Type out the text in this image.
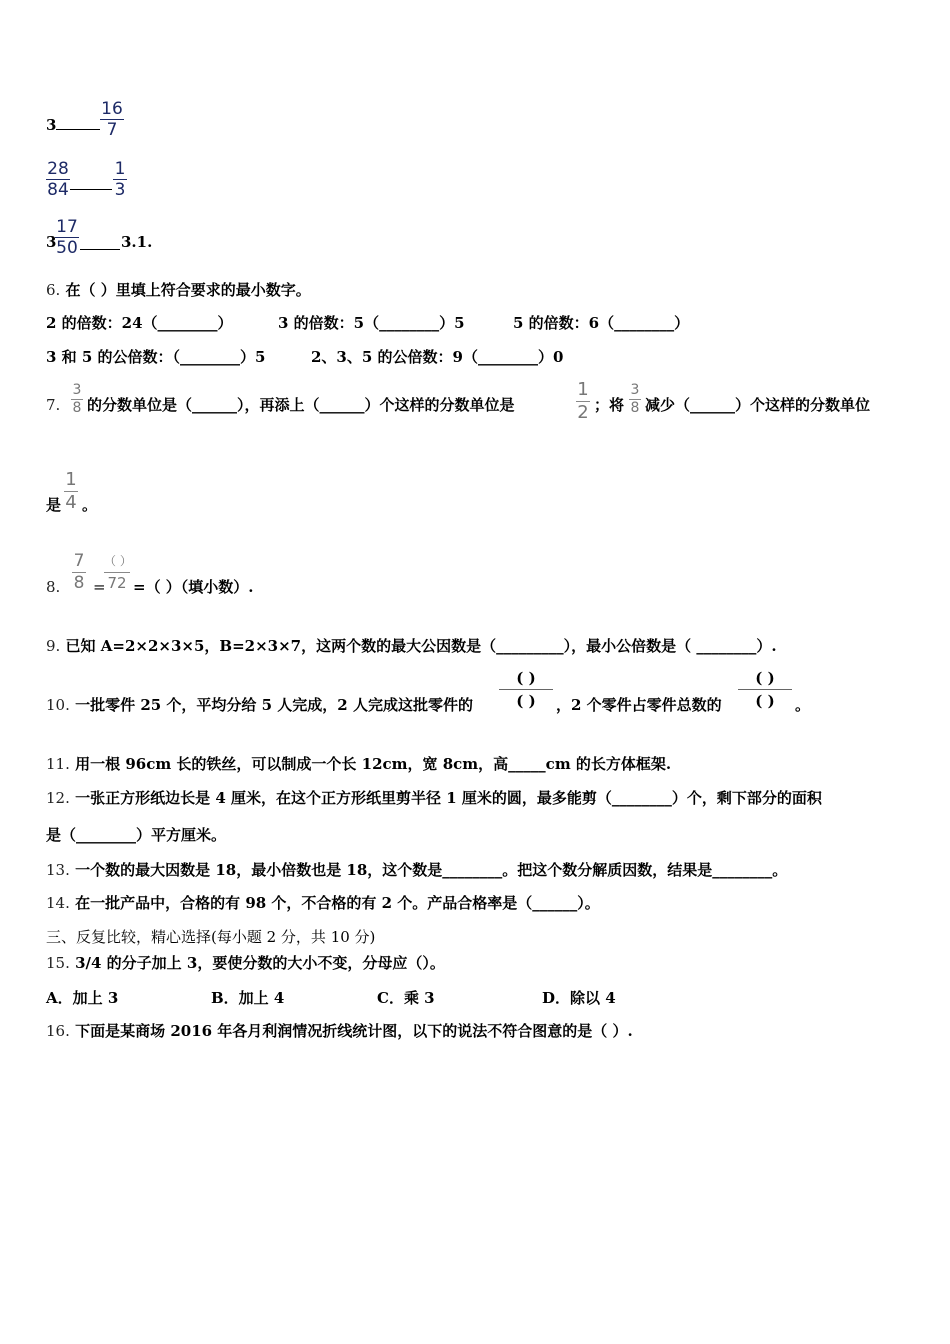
3
16
7
28
84
1
3
3
17
50	3.1.
6. 在（ ）里填上符合要求的最小数字。
2 的倍数：24（________）	3 的倍数：5（________）5	5 的倍数：6（________）
3 和 5 的公倍数：（________）5	2、3、5 的公倍数：9（________）0
7.
3
8 的分数单位是（______），再添上（______）个这样的分数单位是
1
2 ；将
3
8 减少（______）个这样的分数单位
是
1
4 。
8.
7
8 =
（ ）
72 =（ ）（填小数）.
9. 已知 A=2×2×3×5，B=2×3×7，这两个数的最大公因数是（_________），最小公倍数是（ ________）.
10. 一批零件 25 个，平均分给 5 人完成，2 人完成这批零件的
( )
( )	，2 个零件占零件总数的
( )
( )	。
11. 用一根 96cm 长的铁丝，可以制成一个长 12cm，宽 8cm，高_____cm 的长方体框架.
12. 一张正方形纸边长是 4 厘米，在这个正方形纸里剪半径 1 厘米的圆，最多能剪（________）个，剩下部分的面积
是（________）平方厘米。
13. 一个数的最大因数是 18，最小倍数也是 18，这个数是________。把这个数分解质因数，结果是________。
14. 在一批产品中，合格的有 98 个，不合格的有 2 个。产品合格率是（______）。
三、反复比较，精心选择(每小题 2 分，共 10 分)
15. 3/4 的分子加上 3，要使分数的大小不变，分母应（）。
A．加上 3	B．加上 4	C．乘 3	D．除以 4
16. 下面是某商场 2016 年各月利润情况折线统计图，以下的说法不符合图意的是（ ）.
